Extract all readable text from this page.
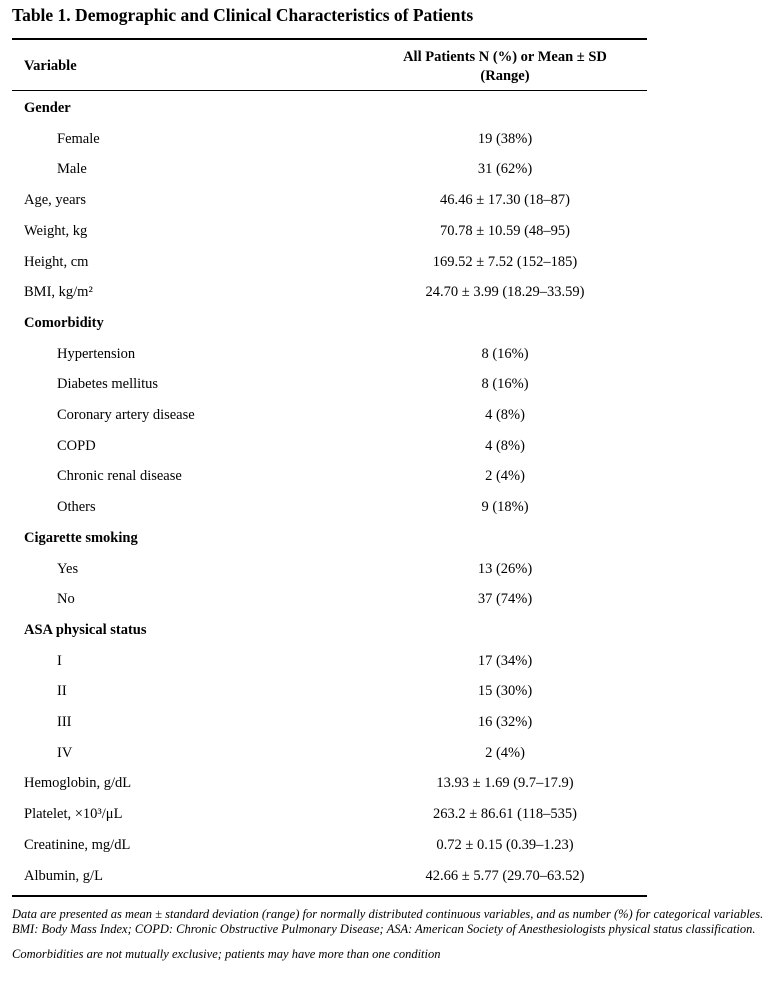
Table 1. Demographic and Clinical Characteristics of Patients
Variable
All Patients N (%) or Mean ± SD
(Range)
Gender
Female	19 (38%)
Male	31 (62%)
Age, years	46.46 ± 17.30 (18–87)
Weight, kg	70.78 ± 10.59 (48–95)
Height, cm	169.52 ± 7.52 (152–185)
BMI, kg/m²	24.70 ± 3.99 (18.29–33.59)
Comorbidity
Hypertension	8 (16%)
Diabetes mellitus	8 (16%)
Coronary artery disease	4 (8%)
COPD	4 (8%)
Chronic renal disease	2 (4%)
Others	9 (18%)
Cigarette smoking
Yes	13 (26%)
No	37 (74%)
ASA physical status
I	17 (34%)
II	15 (30%)
III	16 (32%)
IV	2 (4%)
Hemoglobin, g/dL	13.93 ± 1.69 (9.7–17.9)
Platelet, ×10³/μL	263.2 ± 86.61 (118–535)
Creatinine, mg/dL	0.72 ± 0.15 (0.39–1.23)
Albumin, g/L	42.66 ± 5.77 (29.70–63.52)

Data are presented as mean ± standard deviation (range) for normally distributed continuous variables, and as number (%) for categorical variables. BMI: Body Mass Index; COPD: Chronic Obstructive Pulmonary Disease; ASA: American Society of Anesthesiologists physical status classification.

Comorbidities are not mutually exclusive; patients may have more than one condition
